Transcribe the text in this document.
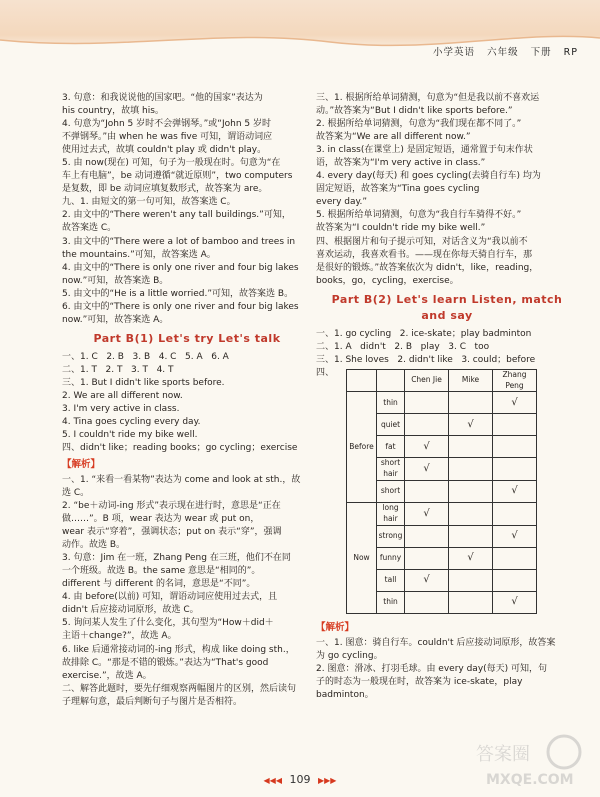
小学英语 六年级 下册 RP
3. 句意：和我说说他的国家吧。“他的国家”表达为
his country，故填 his。
4. 句意为“John 5 岁时不会弹钢琴。”或“John 5 岁时
不弹钢琴。”由 when he was five 可知，谓语动词应
使用过去式，故填 couldn't play 或 didn't play。
5. 由 now(现在) 可知，句子为一般现在时。句意为“在
车上有电脑”，be 动词遵循“就近原则”，two computers
是复数，即 be 动词应填复数形式，故答案为 are。
九、1. 由短文的第一句可知，故答案选 C。
2. 由文中的“There weren't any tall buildings.”可知，
故答案选 C。
3. 由文中的“There were a lot of bamboo and trees in
the mountains.”可知，故答案选 A。
4. 由文中的“There is only one river and four big lakes
now.”可知，故答案选 B。
5. 由文中的“He is a little worried.”可知，故答案选 B。
6. 由文中的“There is only one river and four big lakes
now.”可知，故答案选 A。
Part B(1) Let's try Let's talk
一、1. C   2. B   3. B   4. C   5. A   6. A
二、1. T   2. T   3. T   4. T
三、1. But I didn't like sports before.
2. We are all different now.
3. I'm very active in class.
4. Tina goes cycling every day.
5. I couldn't ride my bike well.
四、didn't like；reading books；go cycling；exercise
【 解析 】
一、1. “来看一看某物”表达为 come and look at sth.，故
选 C。
2. “be＋动词-ing 形式”表示现在进行时，意思是“正在
做……”。B 项，wear 表达为 wear 或 put on，
wear 表示“穿着”，强调状态；put on 表示“穿”，强调
动作。故选 B。
3. 句意：Jim 在一班，Zhang Peng 在三班，他们不在同
一个班级。故选 B。the same 意思是“相同的”。
different 与 different 的名词，意思是“不同”。
4. 由 before(以前) 可知，谓语动词应使用过去式，且
didn't 后应接动词原形，故选 C。
5. 询问某人发生了什么变化，其句型为“How＋did＋
主语＋change?”，故选 A。
6. like 后通常接动词的-ing 形式，构成 like doing sth.，
故排除 C。“那是不错的锻炼。”表达为“That's good
exercise.”，故选 A。
二、解答此题时，要先仔细观察两幅图片的区别，然后读句
子理解句意，最后判断句子与图片是否相符。
三、1. 根据所给单词猜测，句意为“但是我以前不喜欢运
动。”故答案为“But I didn't like sports before.”
2. 根据所给单词猜测，句意为“我们现在都不同了。”
故答案为“We are all different now.”
3. in class(在课堂上) 是固定短语，通常置于句末作状
语，故答案为“I'm very active in class.”
4. every day(每天) 和 goes cycling(去骑自行车) 均为
固定短语，故答案为“Tina goes cycling
every day.”
5. 根据所给单词猜测，句意为“我自行车骑得不好。”
故答案为“I couldn't ride my bike well.”
四、根据图片和句子提示可知，对话含义为“我以前不
喜欢运动，我喜欢看书。——现在你每天骑自行车，那
是很好的锻炼。”故答案依次为 didn't，like，reading，
books，go，cycling，exercise。
Part B(2) Let's learn Listen, match
and say
一、1. go cycling   2. ice-skate；play badminton
二、1. A   didn't   2. B   play   3. C   too
三、1. She loves   2. didn't like   3. could；before
四、
		Chen Jie	Mike	Zhang Peng
Before	thin			√
	quiet		√	
	fat	√		
	short hair	√		
	short			√
Now	long hair	√		
	strong			√
	funny		√	
	tall	√		
	thin			√
【 解析 】
一、1. 图意：骑自行车。couldn't 后应接动词原形，故答案
为 go cycling。
2. 图意：滑冰、打羽毛球。由 every day(每天) 可知，句
子的时态为一般现在时，故答案为 ice-skate，play
badminton。
◀◀◀ 109 ▶▶▶
答案圈
MXQE.COM
